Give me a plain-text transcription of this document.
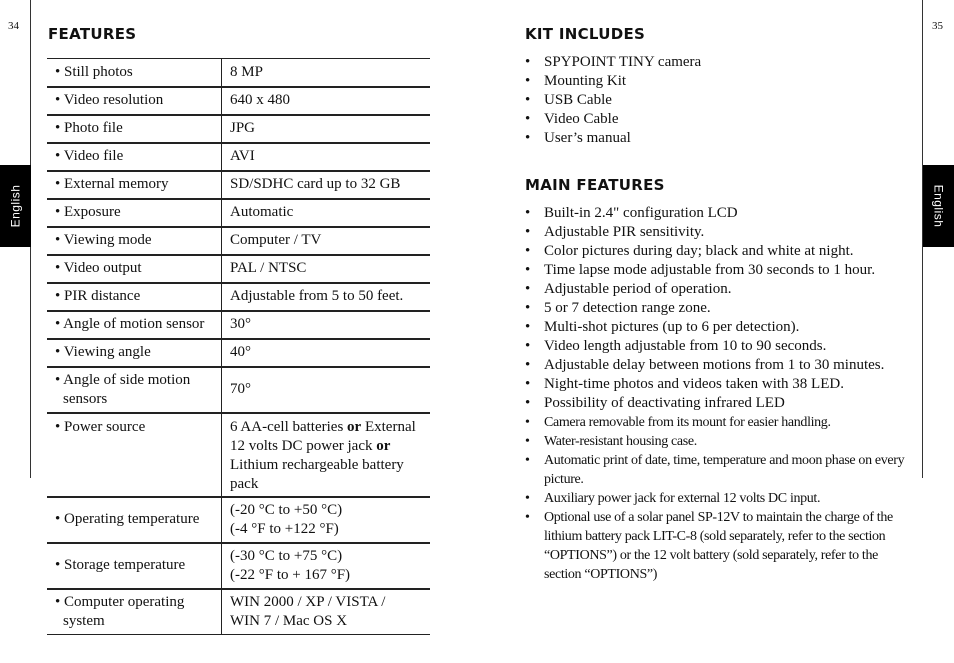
34	35
English	English
FEATURES
• Still photos	8 MP

• Video resolution	640 x 480

• Photo file	JPG

• Video file	AVI

• External memory	SD/SDHC card up to 32 GB

• Exposure	Automatic

• Viewing mode	Computer / TV

• Video output	PAL / NTSC

• PIR distance	Adjustable from 5 to 50 feet.

• Angle of motion sensor	30°

• Viewing angle	40°

• Angle of side motion sensors	70°

• Power source	6 AA-cell batteries or External 12 volts DC power jack or Lithium rechargeable battery pack

• Operating temperature	(-20 °C to +50 °C)
(-4 °F to +122 °F)

• Storage temperature	(-30 °C to +75 °C)
(-22 °F to + 167 °F)

• Computer operating system	WIN 2000 / XP / VISTA /
WIN 7 / Mac OS X
KIT INCLUDES
• SPYPOINT TINY camera
• Mounting Kit
• USB Cable
• Video Cable
• User’s manual
MAIN FEATURES
• Built-in 2.4" configuration LCD
• Adjustable PIR sensitivity.
• Color pictures during day; black and white at night.
• Time lapse mode adjustable from 30 seconds to 1 hour.
• Adjustable period of operation.
• 5 or 7 detection range zone.
• Multi-shot pictures (up to 6 per detection).
• Video length adjustable from 10 to 90 seconds.
• Adjustable delay between motions from 1 to 30 minutes.
• Night-time photos and videos taken with 38 LED.
• Possibility of deactivating infrared LED
• Camera removable from its mount for easier handling.
• Water-resistant housing case.
• Automatic print of date, time, temperature and moon phase on every picture.
• Auxiliary power jack for external 12 volts DC input.
• Optional use of a solar panel SP-12V to maintain the charge of the lithium battery pack LIT-C-8 (sold separately, refer to the section “OPTIONS”) or the 12 volt battery (sold separately, refer to the section “OPTIONS”)
